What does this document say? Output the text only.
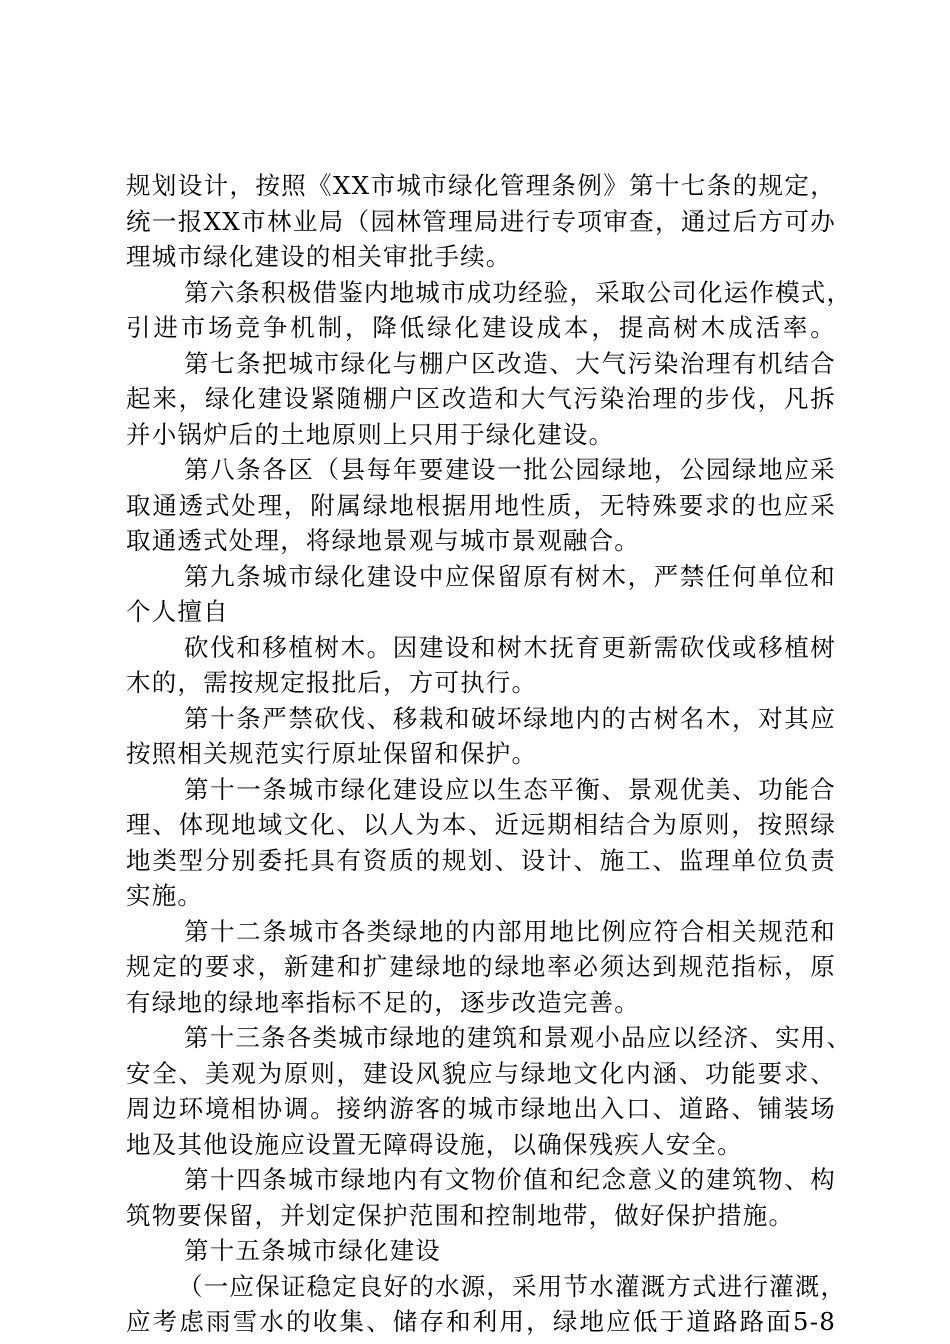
规划设计，按照《XX市城市绿化管理条例》第十七条的规定，
统一报XX市林业局（园林管理局进行专项审查，通过后方可办
理城市绿化建设的相关审批手续。
第六条积极借鉴内地城市成功经验，采取公司化运作模式，
引进市场竞争机制，降低绿化建设成本，提高树木成活率。
第七条把城市绿化与棚户区改造、大气污染治理有机结合
起来，绿化建设紧随棚户区改造和大气污染治理的步伐，凡拆
并小锅炉后的土地原则上只用于绿化建设。
第八条各区（县每年要建设一批公园绿地，公园绿地应采
取通透式处理，附属绿地根据用地性质，无特殊要求的也应采
取通透式处理，将绿地景观与城市景观融合。
第九条城市绿化建设中应保留原有树木，严禁任何单位和
个人擅自
砍伐和移植树木。因建设和树木抚育更新需砍伐或移植树
木的，需按规定报批后，方可执行。
第十条严禁砍伐、移栽和破坏绿地内的古树名木，对其应
按照相关规范实行原址保留和保护。
第十一条城市绿化建设应以生态平衡、景观优美、功能合
理、体现地域文化、以人为本、近远期相结合为原则，按照绿
地类型分别委托具有资质的规划、设计、施工、监理单位负责
实施。
第十二条城市各类绿地的内部用地比例应符合相关规范和
规定的要求，新建和扩建绿地的绿地率必须达到规范指标，原
有绿地的绿地率指标不足的，逐步改造完善。
第十三条各类城市绿地的建筑和景观小品应以经济、实用、
安全、美观为原则，建设风貌应与绿地文化内涵、功能要求、
周边环境相协调。接纳游客的城市绿地出入口、道路、铺装场
地及其他设施应设置无障碍设施，以确保残疾人安全。
第十四条城市绿地内有文物价值和纪念意义的建筑物、构
筑物要保留，并划定保护范围和控制地带，做好保护措施。
第十五条城市绿化建设
（一应保证稳定良好的水源，采用节水灌溉方式进行灌溉，
应考虑雨雪水的收集、储存和利用，绿地应低于道路路面5-8
